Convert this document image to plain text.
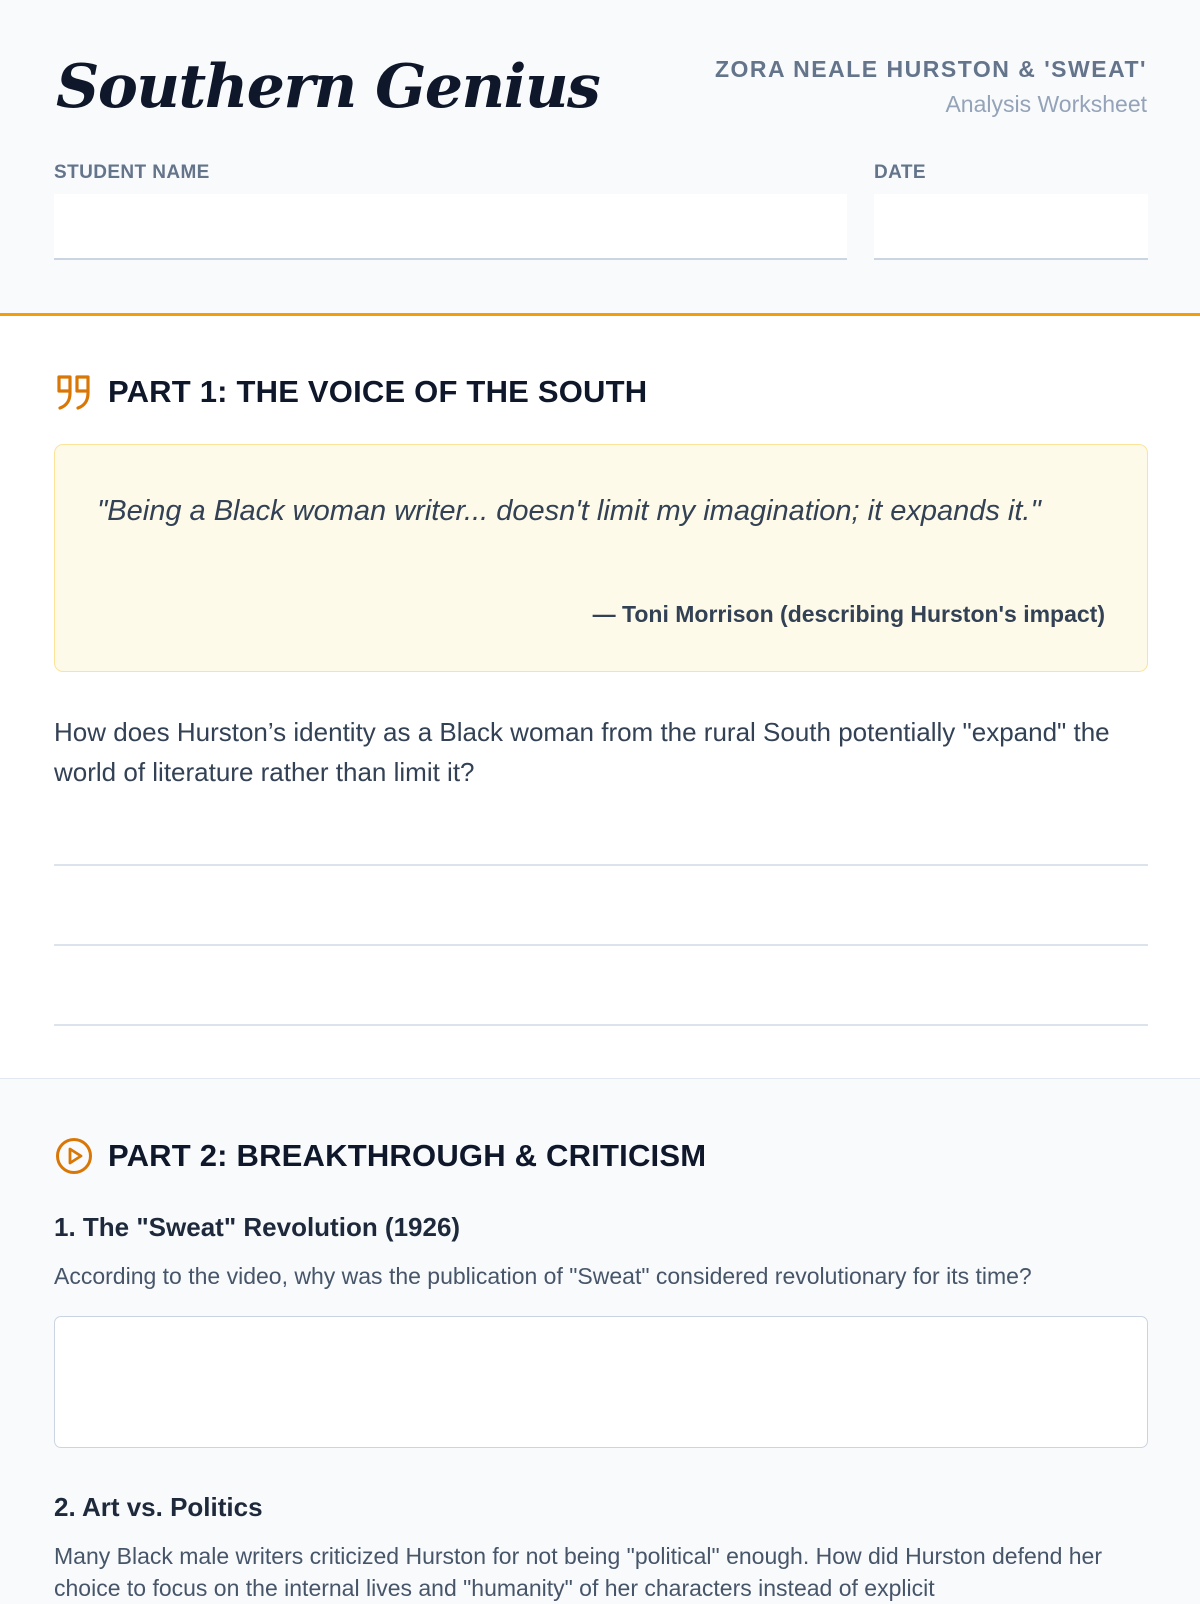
Southern Genius	ZORA NEALE HURSTON & 'SWEAT'
Analysis Worksheet
STUDENT NAME	DATE
PART 1: THE VOICE OF THE SOUTH
"Being a Black woman writer... doesn't limit my imagination; it expands it."
— Toni Morrison (describing Hurston's impact)
How does Hurston’s identity as a Black woman from the rural South potentially "expand" the world of literature rather than limit it?
PART 2: BREAKTHROUGH & CRITICISM
1. The "Sweat" Revolution (1926)
According to the video, why was the publication of "Sweat" considered revolutionary for its time?
2. Art vs. Politics
Many Black male writers criticized Hurston for not being "political" enough. How did Hurston defend her choice to focus on the internal lives and "humanity" of her characters instead of explicit
